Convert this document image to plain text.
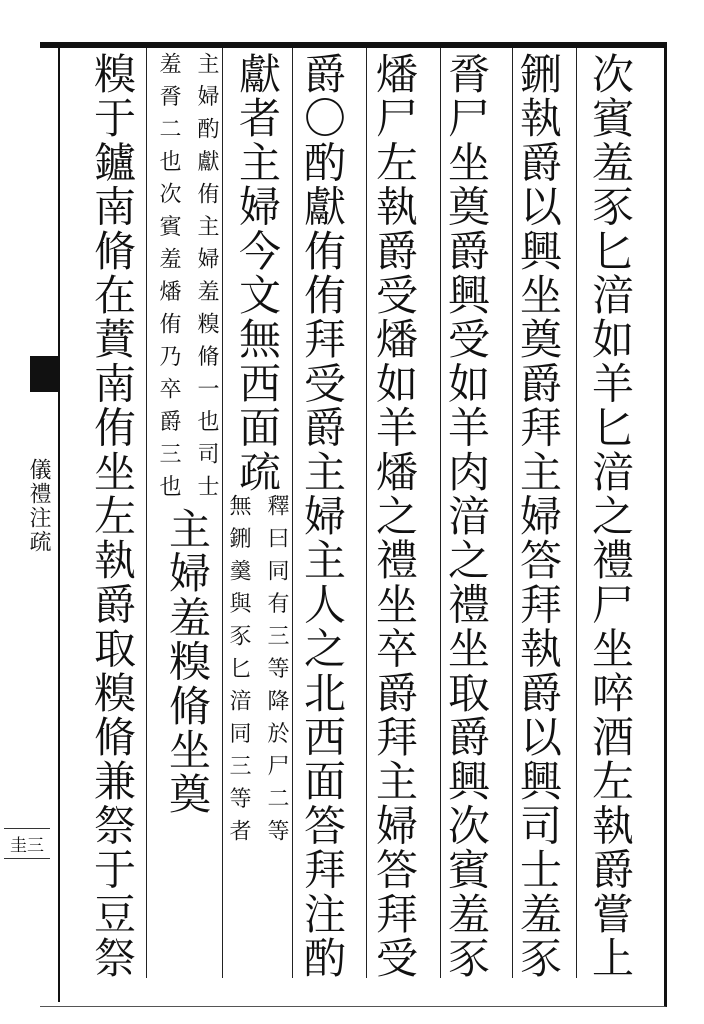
儀禮注疏
圭三	次賓羞豕匕湆如羊匕湆之禮尸坐啐酒左執爵嘗上
鉶執爵以興坐奠爵拜主婦答拜執爵以興司士羞豕
脀尸坐奠爵興受如羊肉湆之禮坐取爵興次賓羞豕
燔尸左執爵受燔如羊燔之禮坐卒爵拜主婦答拜受
爵〇酌獻侑侑拜受爵主婦主人之北西面答拜注酌
獻者主婦今文無西面疏
釋曰同有三等降於尸二等
無鉶羹與豕匕湆同三等者
主婦酌獻侑主婦羞糗脩一也司士
羞脀二也次賓羞燔侑乃卒爵三也
主婦羞糗脩坐奠
糗于鑪南脩在蕡南侑坐左執爵取糗脩兼祭于豆祭
